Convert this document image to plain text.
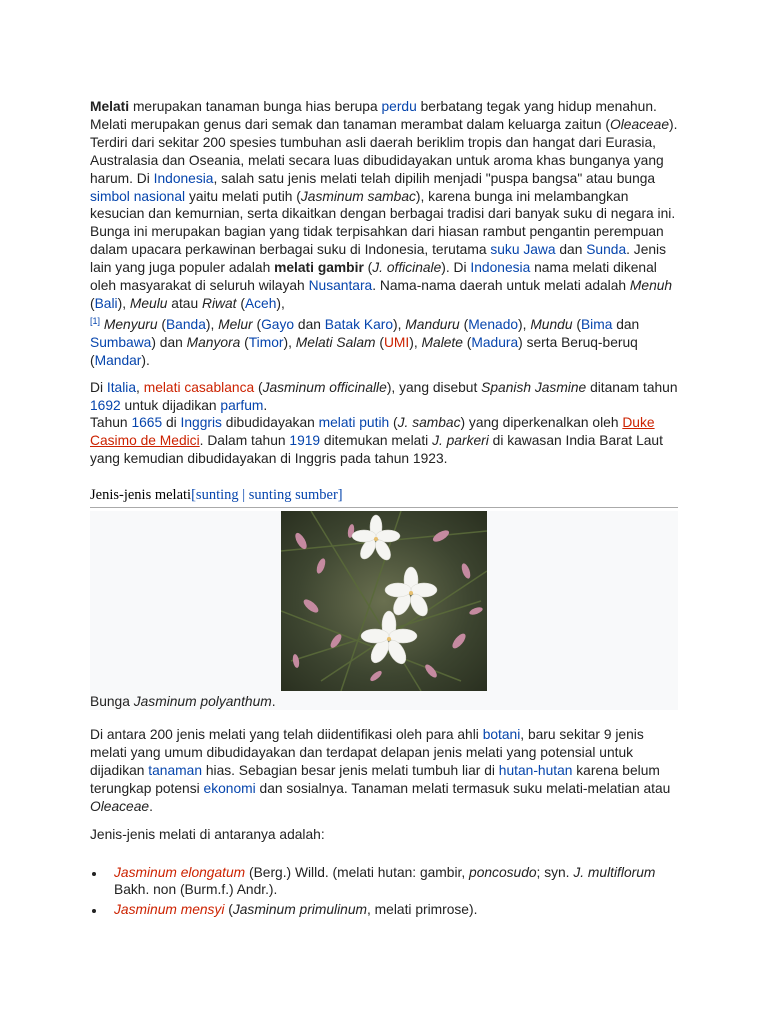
Melati merupakan tanaman bunga hias berupa perdu berbatang tegak yang hidup menahun. Melati merupakan genus dari semak dan tanaman merambat dalam keluarga zaitun (Oleaceae). Terdiri dari sekitar 200 spesies tumbuhan asli daerah beriklim tropis dan hangat dari Eurasia, Australasia dan Oseania, melati secara luas dibudidayakan untuk aroma khas bunganya yang harum. Di Indonesia, salah satu jenis melati telah dipilih menjadi "puspa bangsa" atau bunga simbol nasional yaitu melati putih (Jasminum sambac), karena bunga ini melambangkan kesucian dan kemurnian, serta dikaitkan dengan berbagai tradisi dari banyak suku di negara ini. Bunga ini merupakan bagian yang tidak terpisahkan dari hiasan rambut pengantin perempuan dalam upacara perkawinan berbagai suku di Indonesia, terutama suku Jawa dan Sunda. Jenis lain yang juga populer adalah melati gambir (J. officinale). Di Indonesia nama melati dikenal oleh masyarakat di seluruh wilayah Nusantara. Nama-nama daerah untuk melati adalah Menuh (Bali), Meulu atau Riwat (Aceh),
[1] Menyuru (Banda), Melur (Gayo dan Batak Karo), Manduru (Menado), Mundu (Bima dan Sumbawa) dan Manyora (Timor), Melati Salam (UMI), Malete (Madura) serta Beruq-beruq (Mandar).

Di Italia, melati casablanca (Jasminum officinalle), yang disebut Spanish Jasmine ditanam tahun 1692 untuk dijadikan parfum.
Tahun 1665 di Inggris dibudidayakan melati putih (J. sambac) yang diperkenalkan oleh Duke Casimo de Medici. Dalam tahun 1919 ditemukan melati J. parkeri di kawasan India Barat Laut yang kemudian dibudidayakan di Inggris pada tahun 1923.

Jenis-jenis melati[sunting | sunting sumber]
Bunga Jasminum polyanthum.

Di antara 200 jenis melati yang telah diidentifikasi oleh para ahli botani, baru sekitar 9 jenis melati yang umum dibudidayakan dan terdapat delapan jenis melati yang potensial untuk dijadikan tanaman hias. Sebagian besar jenis melati tumbuh liar di hutan-hutan karena belum terungkap potensi ekonomi dan sosialnya. Tanaman melati termasuk suku melati-melatian atau Oleaceae.

Jenis-jenis melati di antaranya adalah:

Jasminum elongatum (Berg.) Willd. (melati hutan: gambir, poncosudo; syn. J. multiflorum Bakh. non (Burm.f.) Andr.).
Jasminum mensyi (Jasminum primulinum, melati primrose).
